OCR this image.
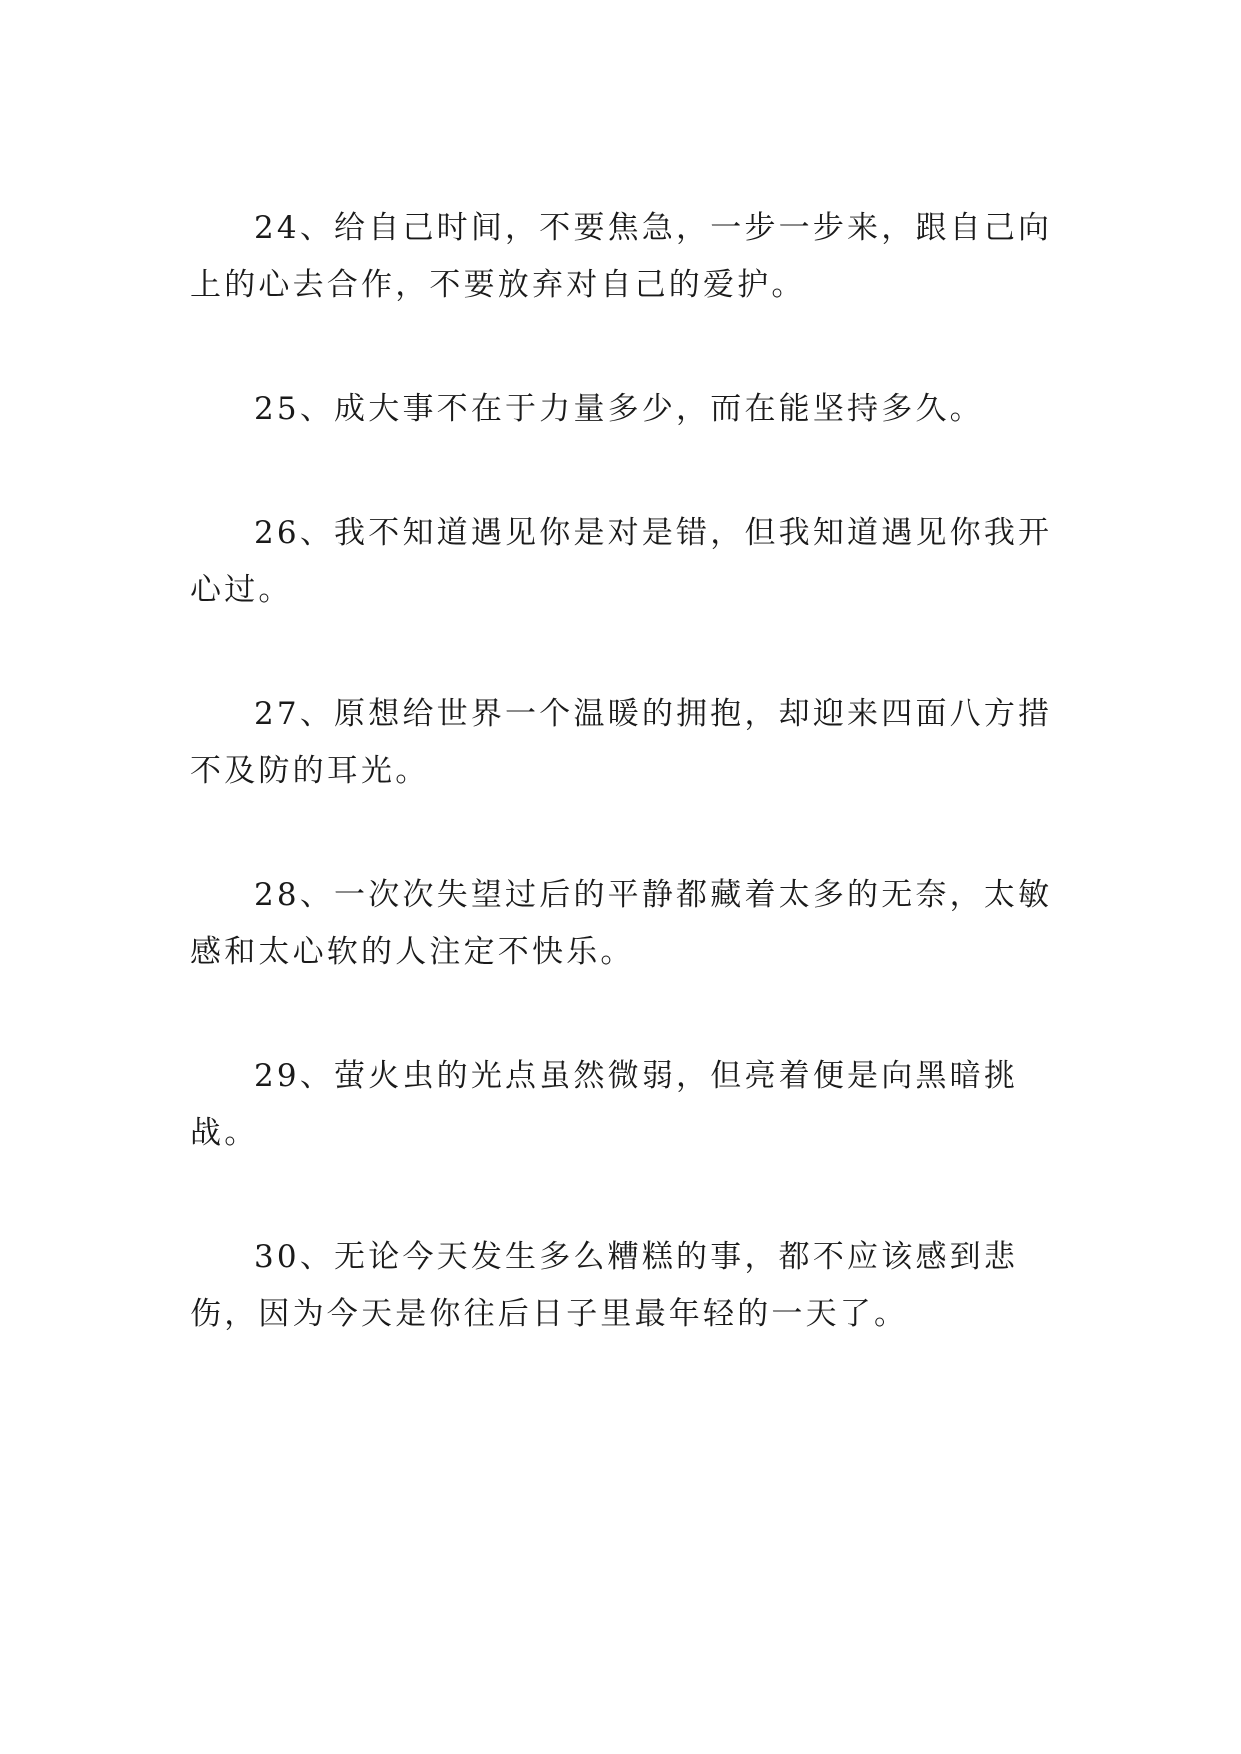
24、给自己时间，不要焦急，一步一步来，跟自己向上的心去合作，不要放弃对自己的爱护。

25、成大事不在于力量多少，而在能坚持多久。

26、我不知道遇见你是对是错，但我知道遇见你我开心过。

27、原想给世界一个温暖的拥抱，却迎来四面八方措不及防的耳光。

28、一次次失望过后的平静都藏着太多的无奈，太敏感和太心软的人注定不快乐。

29、萤火虫的光点虽然微弱，但亮着便是向黑暗挑战。

30、无论今天发生多么糟糕的事，都不应该感到悲伤，因为今天是你往后日子里最年轻的一天了。
